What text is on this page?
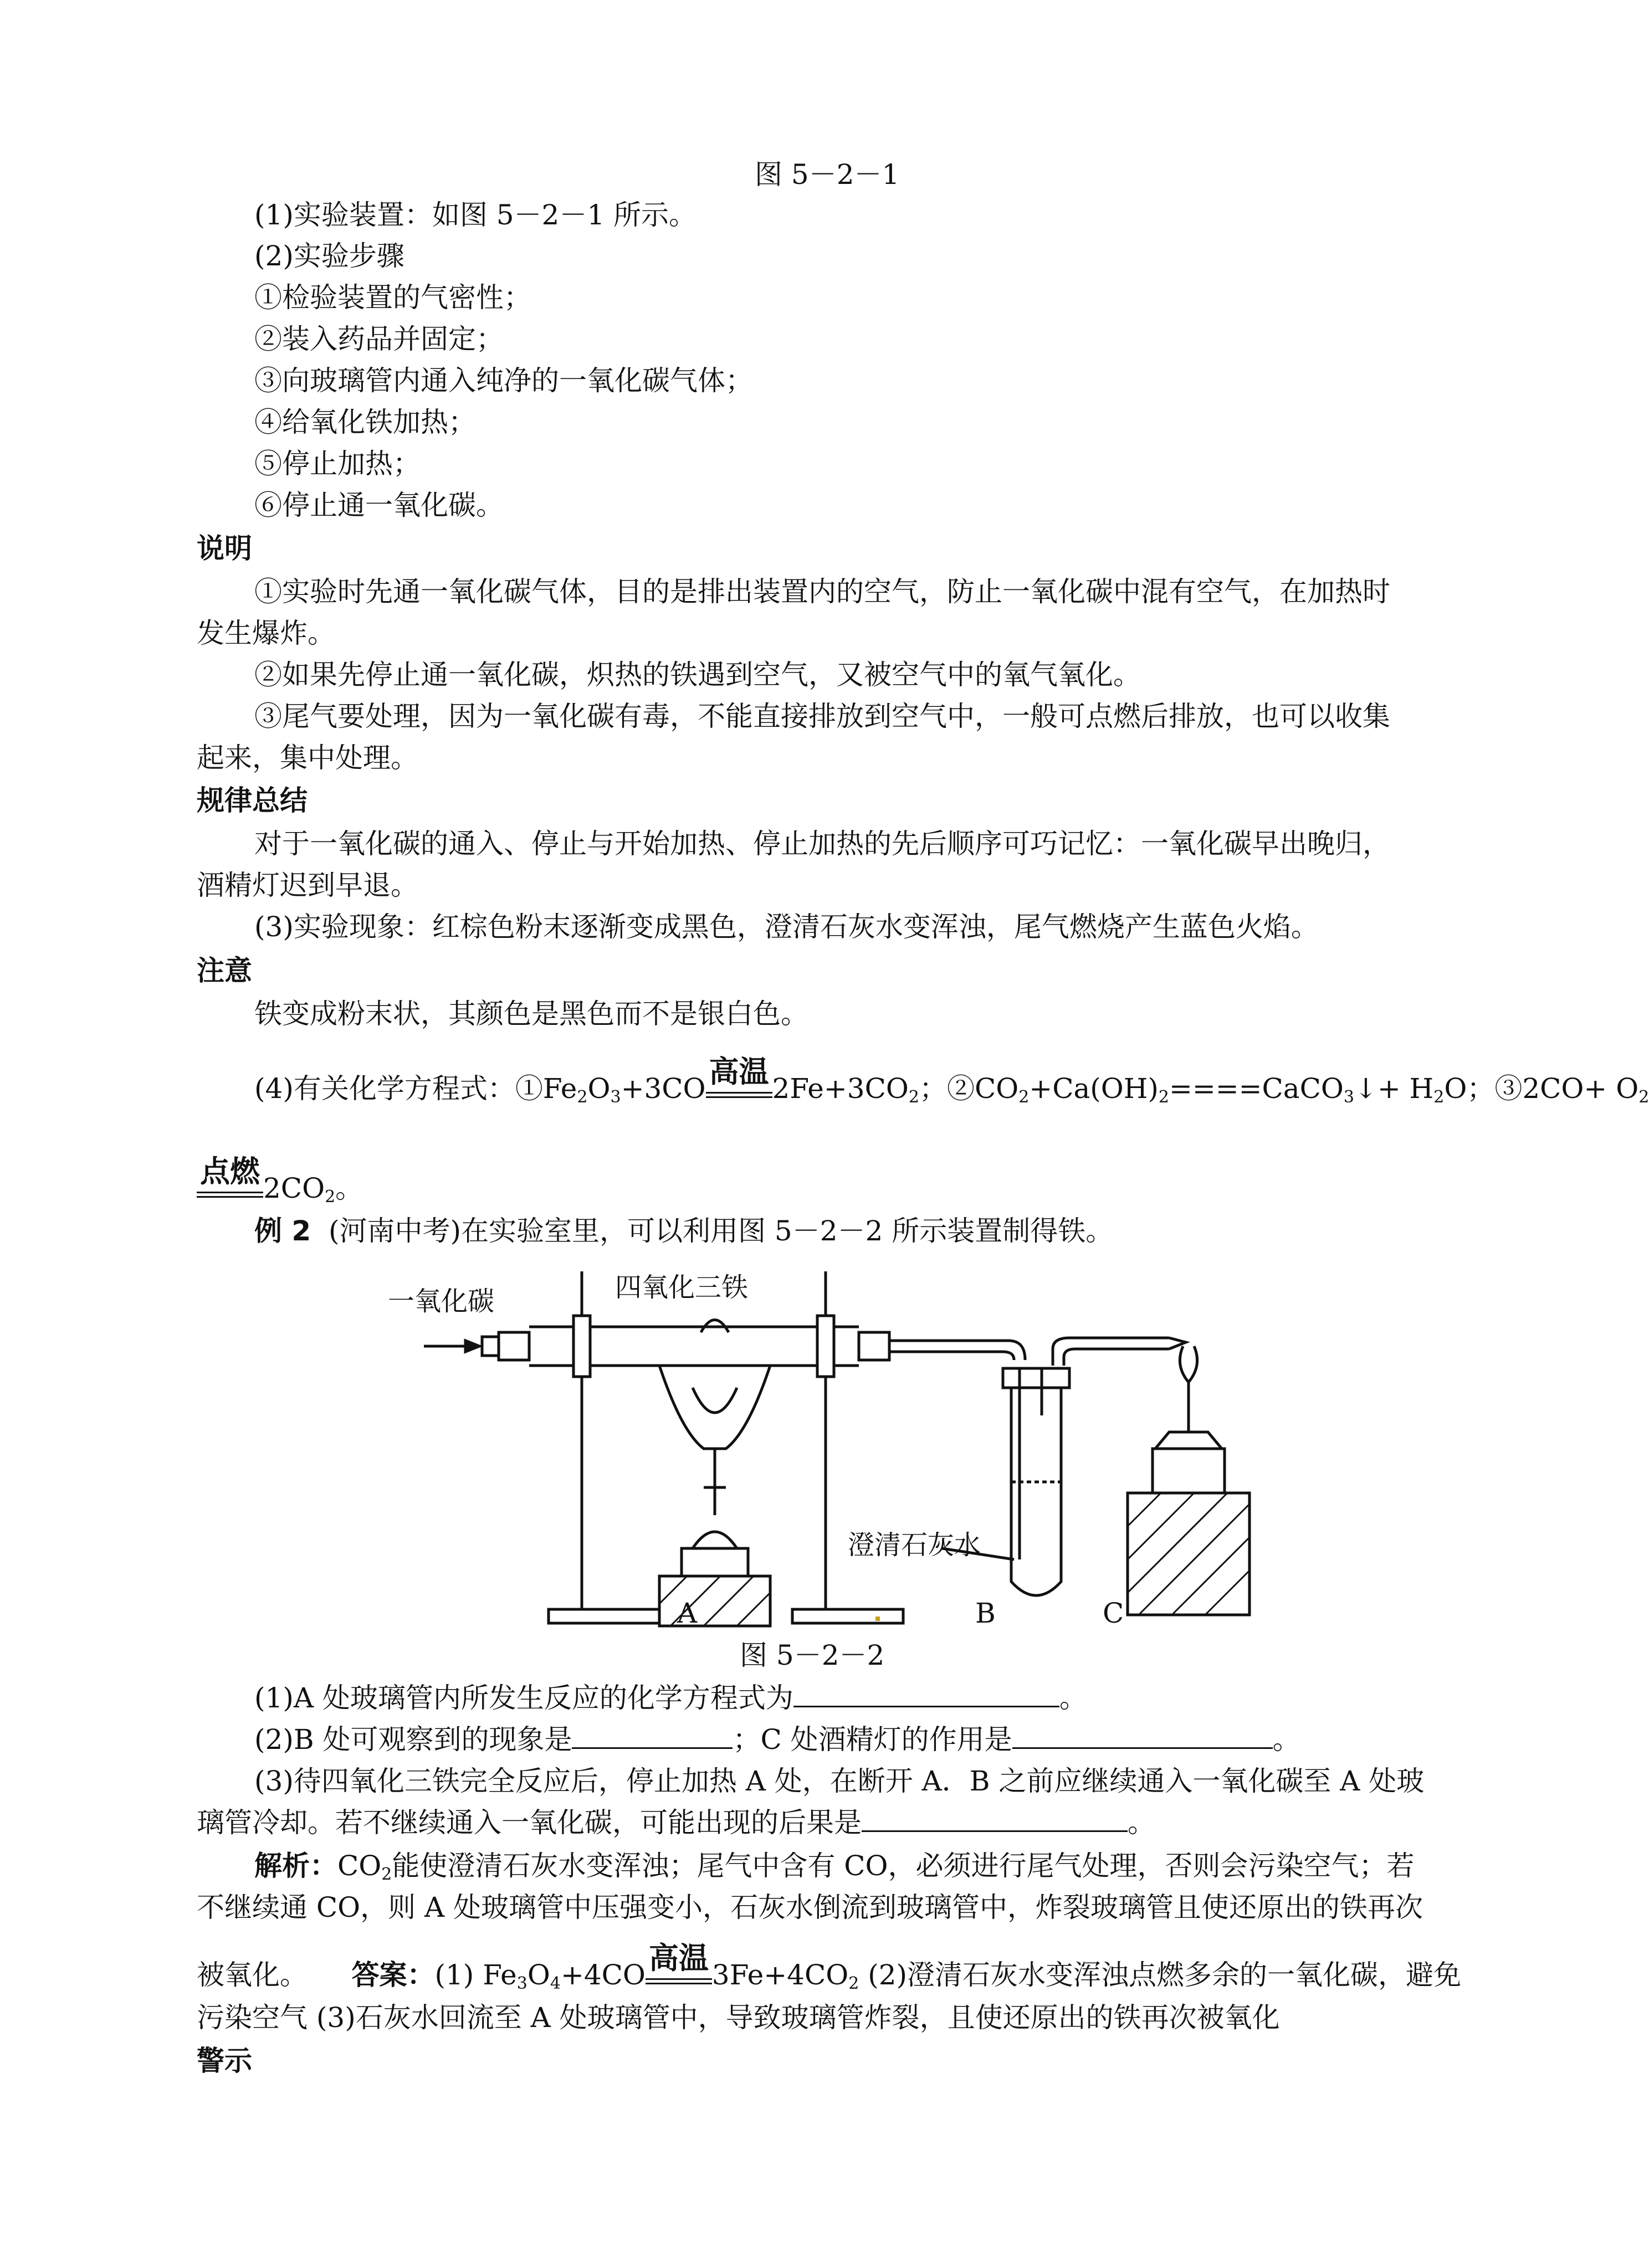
图 5－2－1
(1)实验装置：如图 5－2－1 所示。
(2)实验步骤
①检验装置的气密性；
②装入药品并固定；
③向玻璃管内通入纯净的一氧化碳气体；
④给氧化铁加热；
⑤停止加热；
⑥停止通一氧化碳。
说明
①实验时先通一氧化碳气体，目的是排出装置内的空气，防止一氧化碳中混有空气，在加热时
发生爆炸。
②如果先停止通一氧化碳，炽热的铁遇到空气，又被空气中的氧气氧化。
③尾气要处理，因为一氧化碳有毒，不能直接排放到空气中，一般可点燃后排放，也可以收集
起来，集中处理。
规律总结
对于一氧化碳的通入、停止与开始加热、停止加热的先后顺序可巧记忆：一氧化碳早出晚归，
酒精灯迟到早退。
(3)实验现象：红棕色粉末逐渐变成黑色，澄清石灰水变浑浊，尾气燃烧产生蓝色火焰。
注意
铁变成粉末状，其颜色是黑色而不是银白色。
(4)有关化学方程式：$①Fe_2O_3+3CO$ 高温 $2Fe+3CO_2$；$②CO_2+Ca(OH)_2====CaCO_3↓+ H_2O$；③2CO+ $O_2$
点燃 $2CO_2$。
例 2 (河南中考)在实验室里，可以利用图 5－2－2 所示装置制得铁。
一氧化碳	四氧化三铁
澄清石灰水
A	B	C
图 5－2－2
(1)A 处玻璃管内所发生反应的化学方程式为	。
(2)B 处可观察到的现象是	；C 处酒精灯的作用是	。
(3)待四氧化三铁完全反应后，停止加热 A 处，在断开 A．B 之前应继续通入一氧化碳至 A 处玻
璃管冷却。若不继续通入一氧化碳，可能出现的后果是	。
解析：$CO_2$能使澄清石灰水变浑浊；尾气中含有 CO，必须进行尾气处理，否则会污染空气；若
不继续通 CO，则 A 处玻璃管中压强变小，石灰水倒流到玻璃管中，炸裂玻璃管且使还原出的铁再次
被氧化。 答案：(1) $Fe_3O_4+4CO$ 高温 $3Fe+4CO_2$ (2)澄清石灰水变浑浊点燃多余的一氧化碳，避免
污染空气 (3)石灰水回流至 A 处玻璃管中，导致玻璃管炸裂，且使还原出的铁再次被氧化
警示
